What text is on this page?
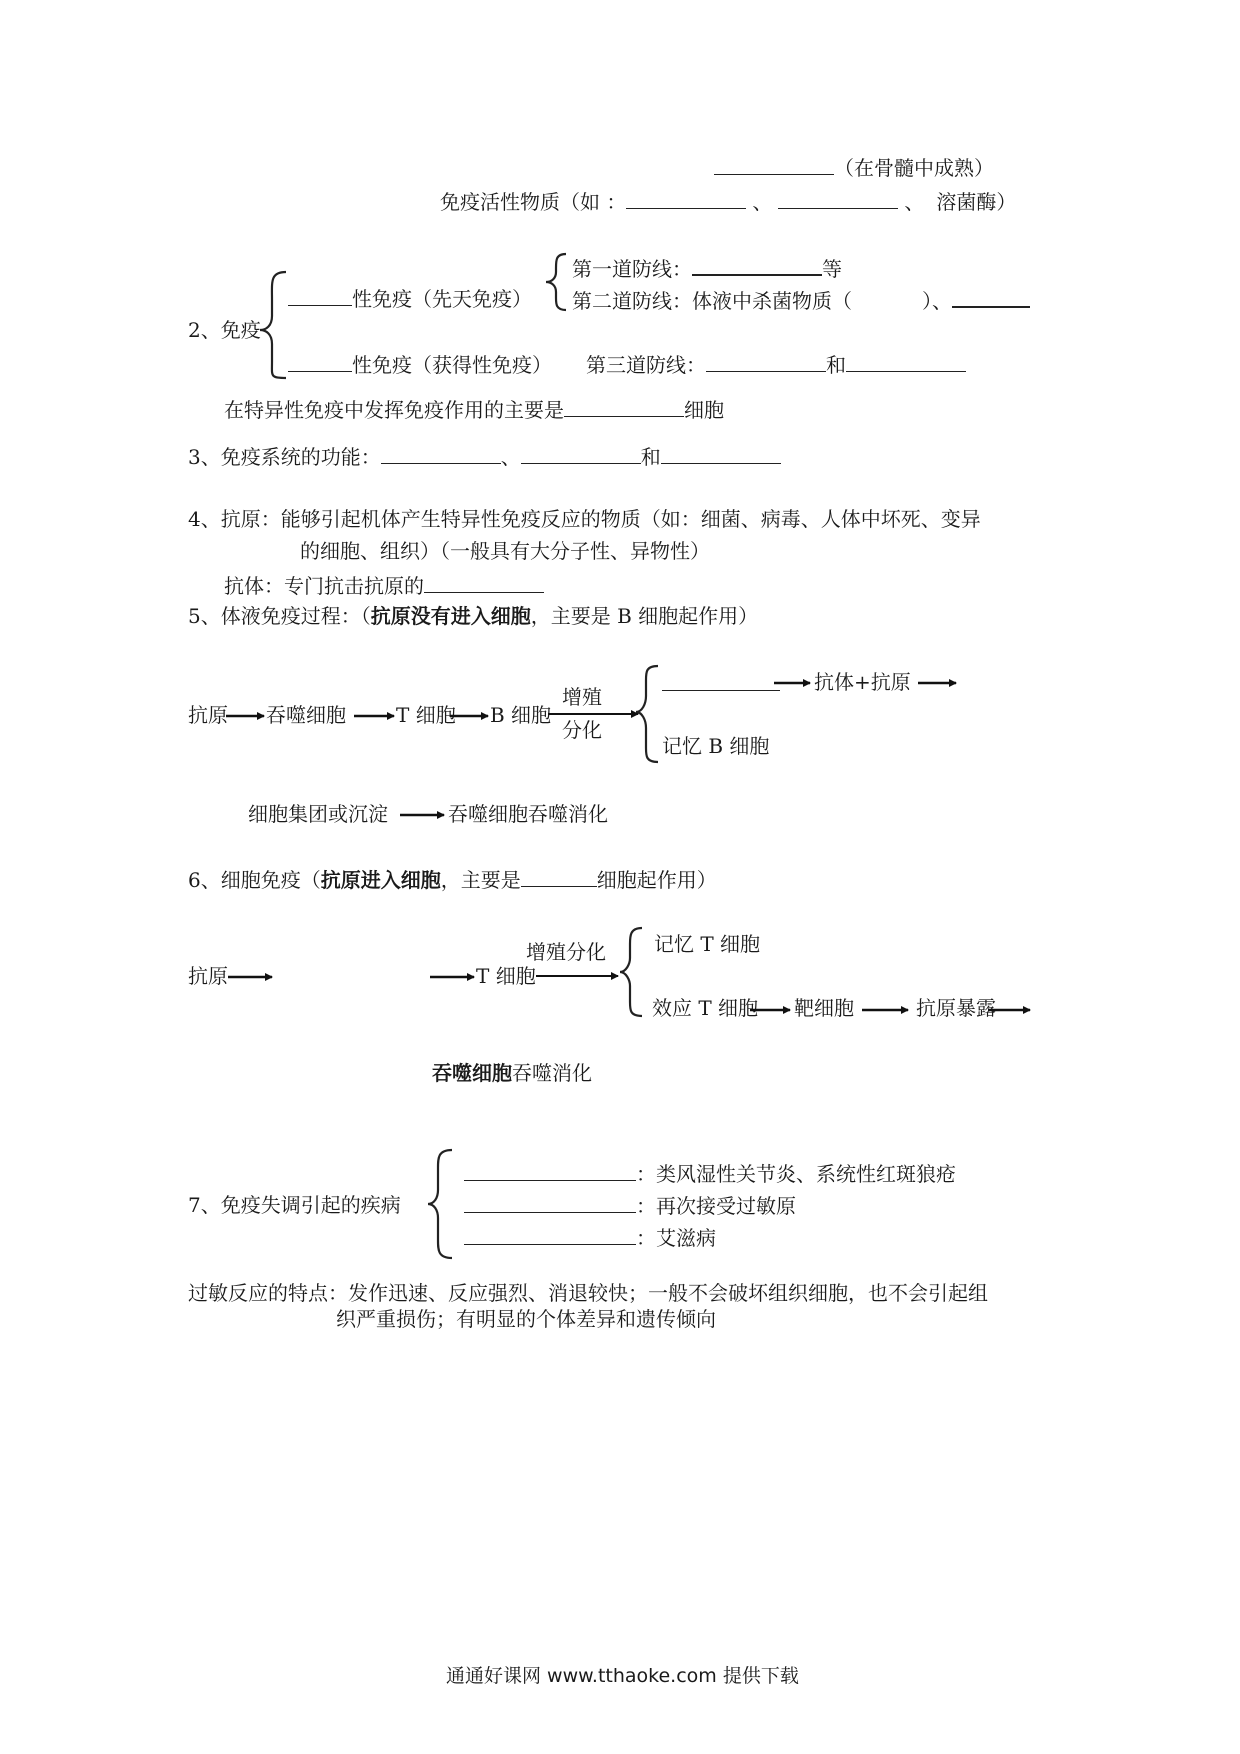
（在骨髓中成熟）
免疫活性物质（如 ：	、	、 溶菌酶）
2、免疫
性免疫（先天免疫）
第一道防线：	等
第二道防线：体液中杀菌物质（	）、
性免疫（获得性免疫） 第三道防线：	和
在特异性免疫中发挥免疫作用的主要是	细胞
3、免疫系统的功能：	、	和
4、抗原：能够引起机体产生特异性免疫反应的物质（如：细菌、病毒、人体中坏死、变异
的细胞、组织）（一般具有大分子性、异物性）
抗体：专门抗击抗原的
5、体液免疫过程：（抗原没有进入细胞，主要是 B 细胞起作用）
抗原 吞噬细胞	T 细胞 B 细胞
增殖
分化
抗体+抗原
记忆 B 细胞
细胞集团或沉淀	吞噬细胞吞噬消化
6、细胞免疫（抗原进入细胞，主要是	细胞起作用）
抗原	T 细胞
增殖分化 记忆 T 细胞
效应 T 细胞 靶细胞	抗原暴露
吞噬细胞吞噬消化
7、免疫失调引起的疾病
：类风湿性关节炎、系统性红斑狼疮
：再次接受过敏原
：艾滋病
过敏反应的特点：发作迅速、反应强烈、消退较快；一般不会破坏组织细胞，也不会引起组
织严重损伤；有明显的个体差异和遗传倾向
通通好课网 www.tthaoke.com 提供下载
